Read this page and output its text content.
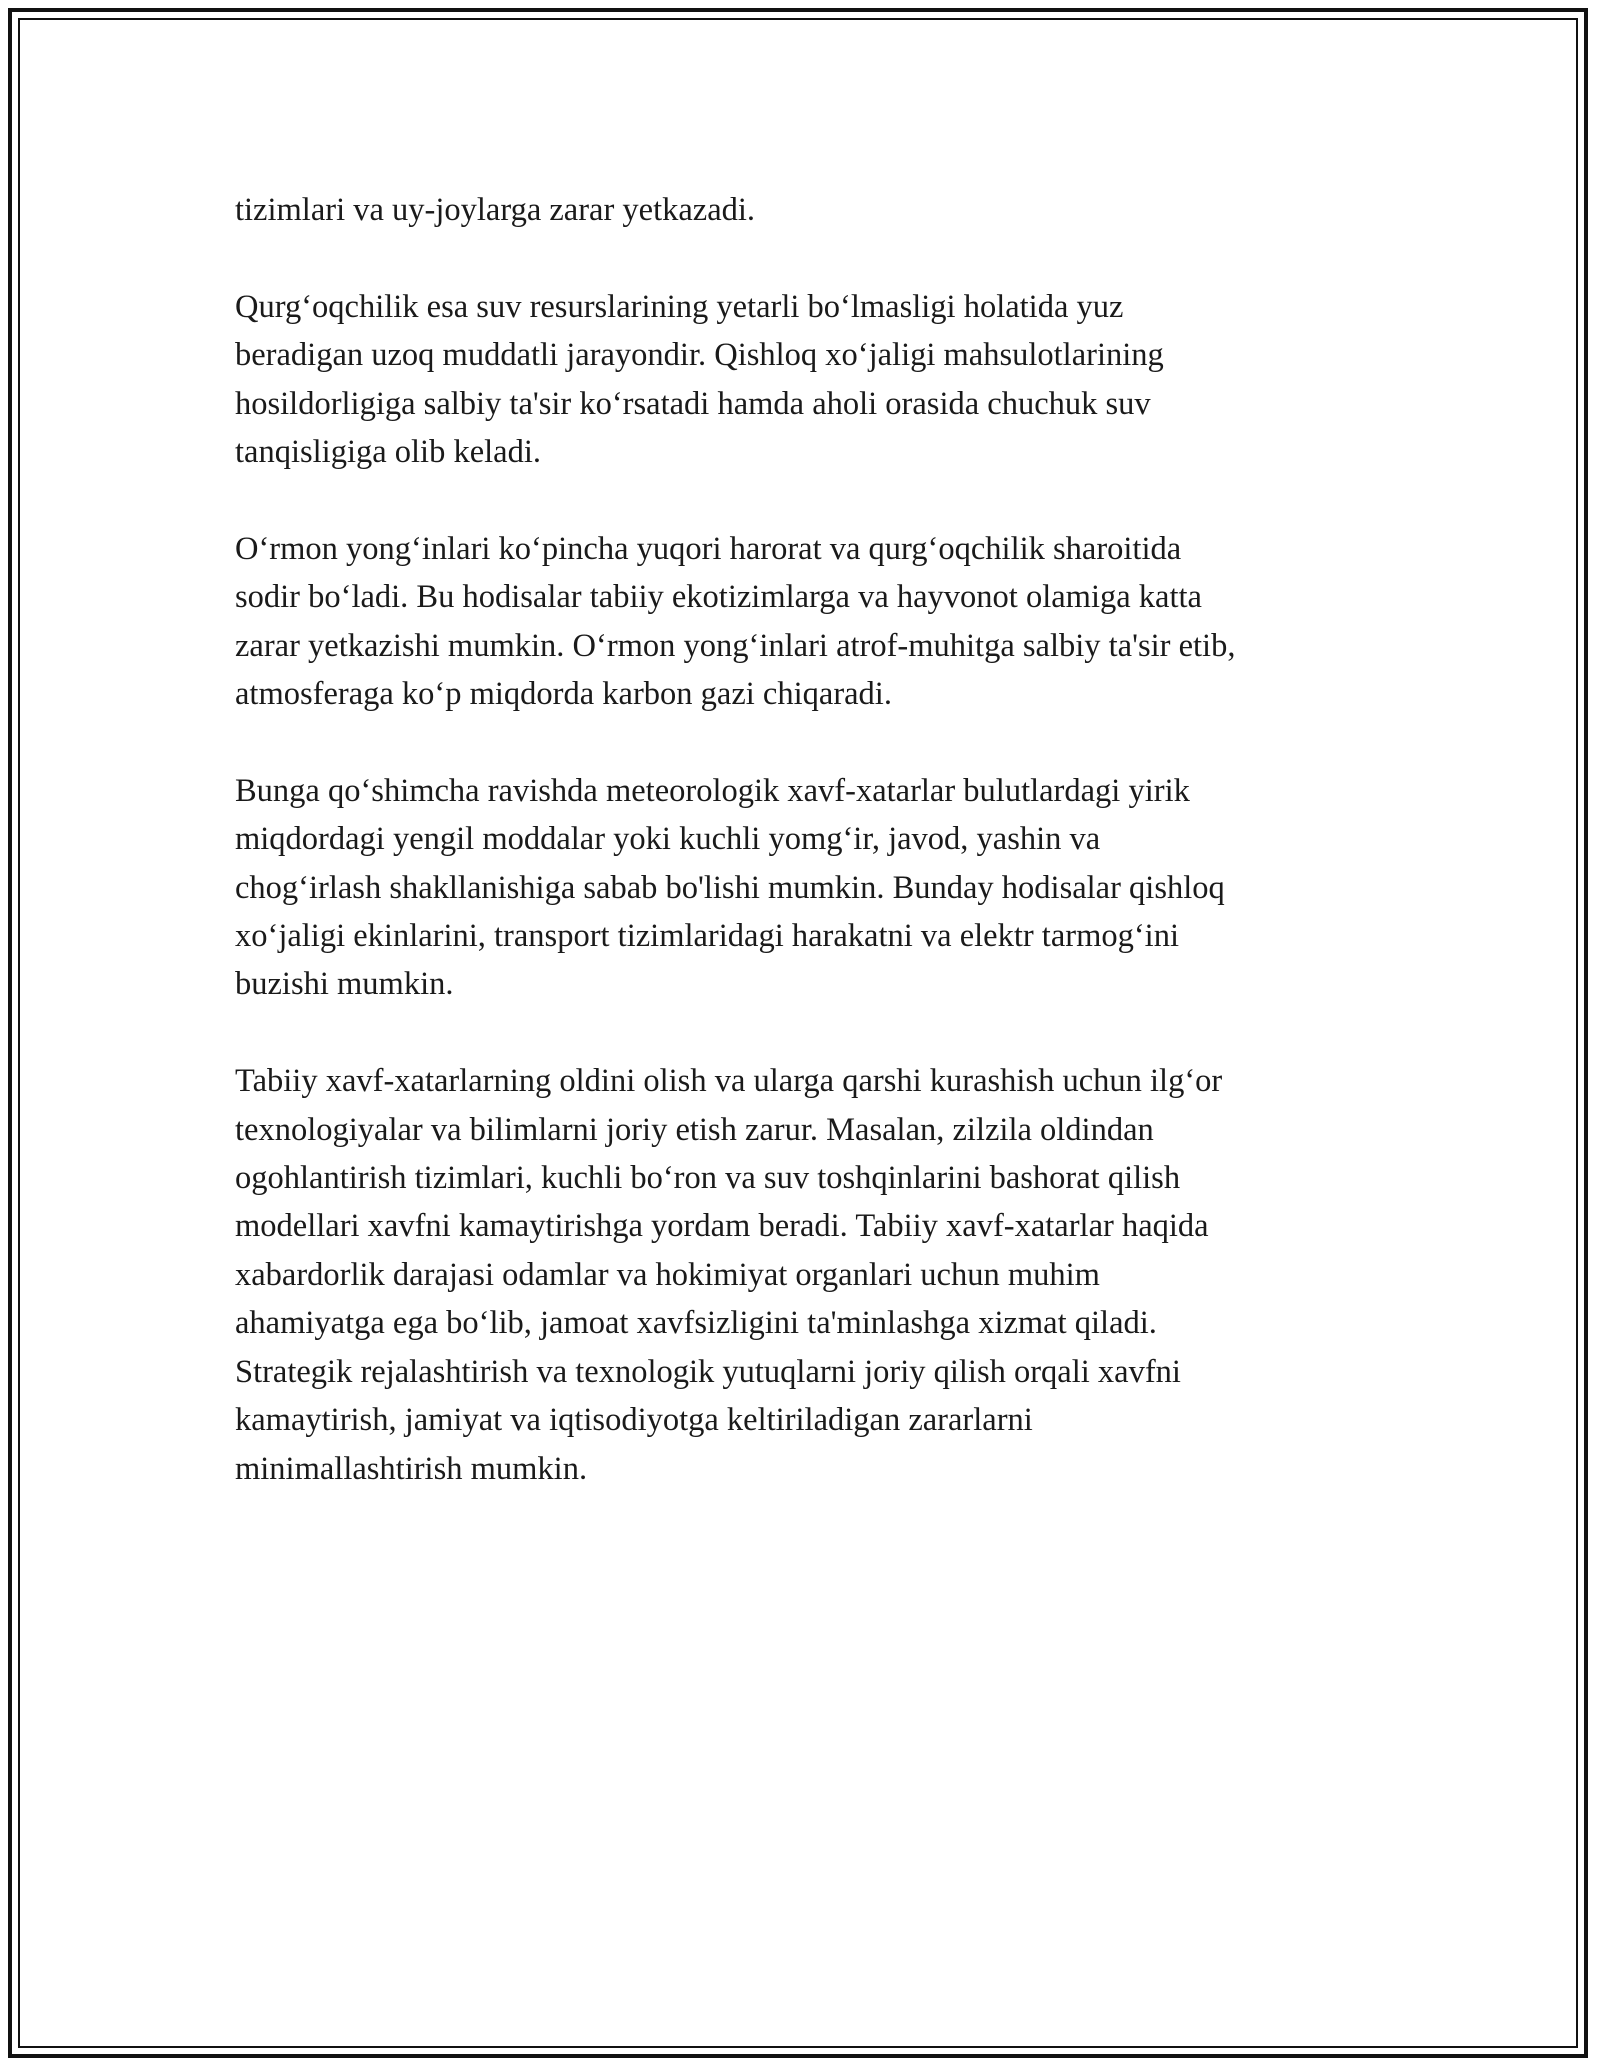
tizimlari va uy-joylarga zarar yetkazadi.

Qurg‘oqchilik esa suv resurslarining yetarli bo‘lmasligi holatida yuz
beradigan uzoq muddatli jarayondir. Qishloq xo‘jaligi mahsulotlarining
hosildorligiga salbiy ta'sir ko‘rsatadi hamda aholi orasida chuchuk suv
tanqisligiga olib keladi.

O‘rmon yong‘inlari ko‘pincha yuqori harorat va qurg‘oqchilik sharoitida
sodir bo‘ladi. Bu hodisalar tabiiy ekotizimlarga va hayvonot olamiga katta
zarar yetkazishi mumkin. O‘rmon yong‘inlari atrof-muhitga salbiy ta'sir etib,
atmosferaga ko‘p miqdorda karbon gazi chiqaradi.

Bunga qo‘shimcha ravishda meteorologik xavf-xatarlar bulutlardagi yirik
miqdordagi yengil moddalar yoki kuchli yomg‘ir, javod, yashin va
chog‘irlash shakllanishiga sabab bo'lishi mumkin. Bunday hodisalar qishloq
xo‘jaligi ekinlarini, transport tizimlaridagi harakatni va elektr tarmog‘ini
buzishi mumkin.

Tabiiy xavf-xatarlarning oldini olish va ularga qarshi kurashish uchun ilg‘or
texnologiyalar va bilimlarni joriy etish zarur. Masalan, zilzila oldindan
ogohlantirish tizimlari, kuchli bo‘ron va suv toshqinlarini bashorat qilish
modellari xavfni kamaytirishga yordam beradi. Tabiiy xavf-xatarlar haqida
xabardorlik darajasi odamlar va hokimiyat organlari uchun muhim
ahamiyatga ega bo‘lib, jamoat xavfsizligini ta'minlashga xizmat qiladi.
Strategik rejalashtirish va texnologik yutuqlarni joriy qilish orqali xavfni
kamaytirish, jamiyat va iqtisodiyotga keltiriladigan zararlarni
minimallashtirish mumkin.
